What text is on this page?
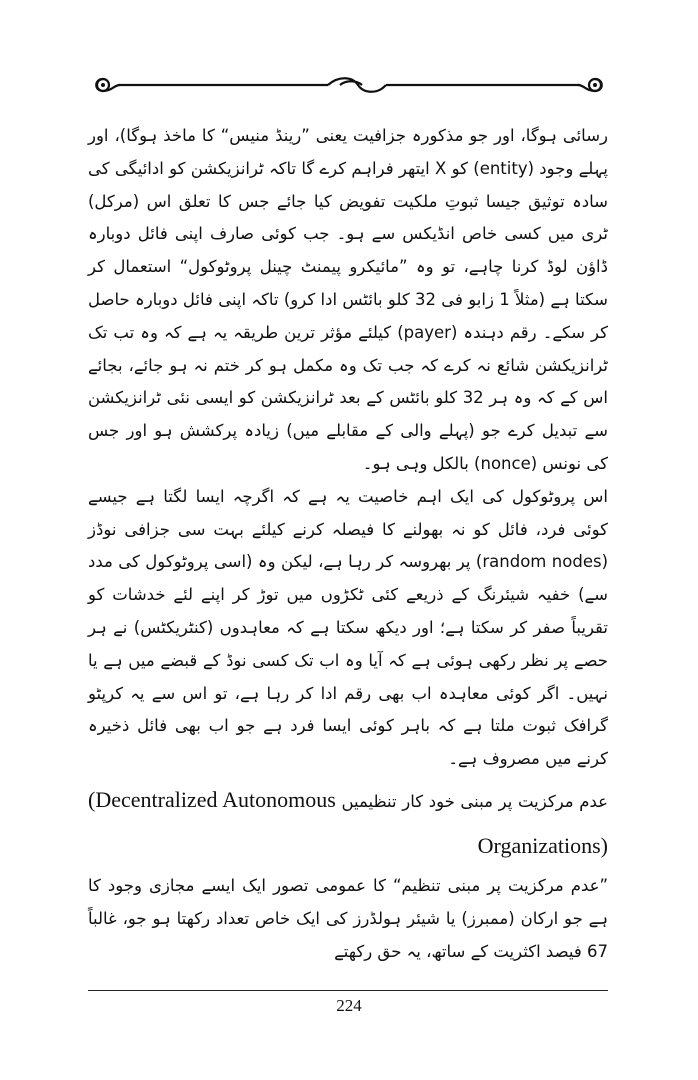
رسائی ہوگا، اور جو مذکورہ جزافیت یعنی ”رینڈ منیس“ کا ماخذ ہوگا)، اور پہلے وجود (entity) کو X ایتھر فراہم کرے گا تاکہ ٹرانزیکشن کو ادائیگی کی سادہ توثیق جیسا ثبوتِ ملکیت تفویض کیا جائے جس کا تعلق اس (مرکل) ٹری میں کسی خاص انڈیکس سے ہو۔ جب کوئی صارف اپنی فائل دوبارہ ڈاؤن لوڈ کرنا چاہے، تو وہ ”مائیکرو پیمنٹ چینل پروٹوکول“ استعمال کر سکتا ہے (مثلاً 1 زابو فی 32 کلو بائٹس ادا کرو) تاکہ اپنی فائل دوبارہ حاصل کر سکے۔ رقم دہندہ (payer) کیلئے مؤثر ترین طریقہ یہ ہے کہ وہ تب تک ٹرانزیکشن شائع نہ کرے کہ جب تک وہ مکمل ہو کر ختم نہ ہو جائے، بجائے اس کے کہ وہ ہر 32 کلو بائٹس کے بعد ٹرانزیکشن کو ایسی نئی ٹرانزیکشن سے تبدیل کرے جو (پہلے والی کے مقابلے میں) زیادہ پرکشش ہو اور جس کی نونس (nonce) بالکل وہی ہو۔

اس پروٹوکول کی ایک اہم خاصیت یہ ہے کہ اگرچہ ایسا لگتا ہے جیسے کوئی فرد، فائل کو نہ بھولنے کا فیصلہ کرنے کیلئے بہت سی جزافی نوڈز (random nodes) پر بھروسہ کر رہا ہے، لیکن وہ (اسی پروٹوکول کی مدد سے) خفیہ شیئرنگ کے ذریعے کئی ٹکڑوں میں توڑ کر اپنے لئے خدشات کو تقریباً صفر کر سکتا ہے؛ اور دیکھ سکتا ہے کہ معاہدوں (کنٹریکٹس) نے ہر حصے پر نظر رکھی ہوئی ہے کہ آیا وہ اب تک کسی نوڈ کے قبضے میں ہے یا نہیں۔ اگر کوئی معاہدہ اب بھی رقم ادا کر رہا ہے، تو اس سے یہ کرپٹو گرافک ثبوت ملتا ہے کہ باہر کوئی ایسا فرد ہے جو اب بھی فائل ذخیرہ کرنے میں مصروف ہے۔

عدم مرکزیت پر مبنی خود کار تنظیمیں (Decentralized Autonomous Organizations)

”عدم مرکزیت پر مبنی تنظیم“ کا عمومی تصور ایک ایسے مجازی وجود کا ہے جو ارکان (ممبرز) یا شیئر ہولڈرز کی ایک خاص تعداد رکھتا ہو جو، غالباً 67 فیصد اکثریت کے ساتھ، یہ حق رکھتے

224
